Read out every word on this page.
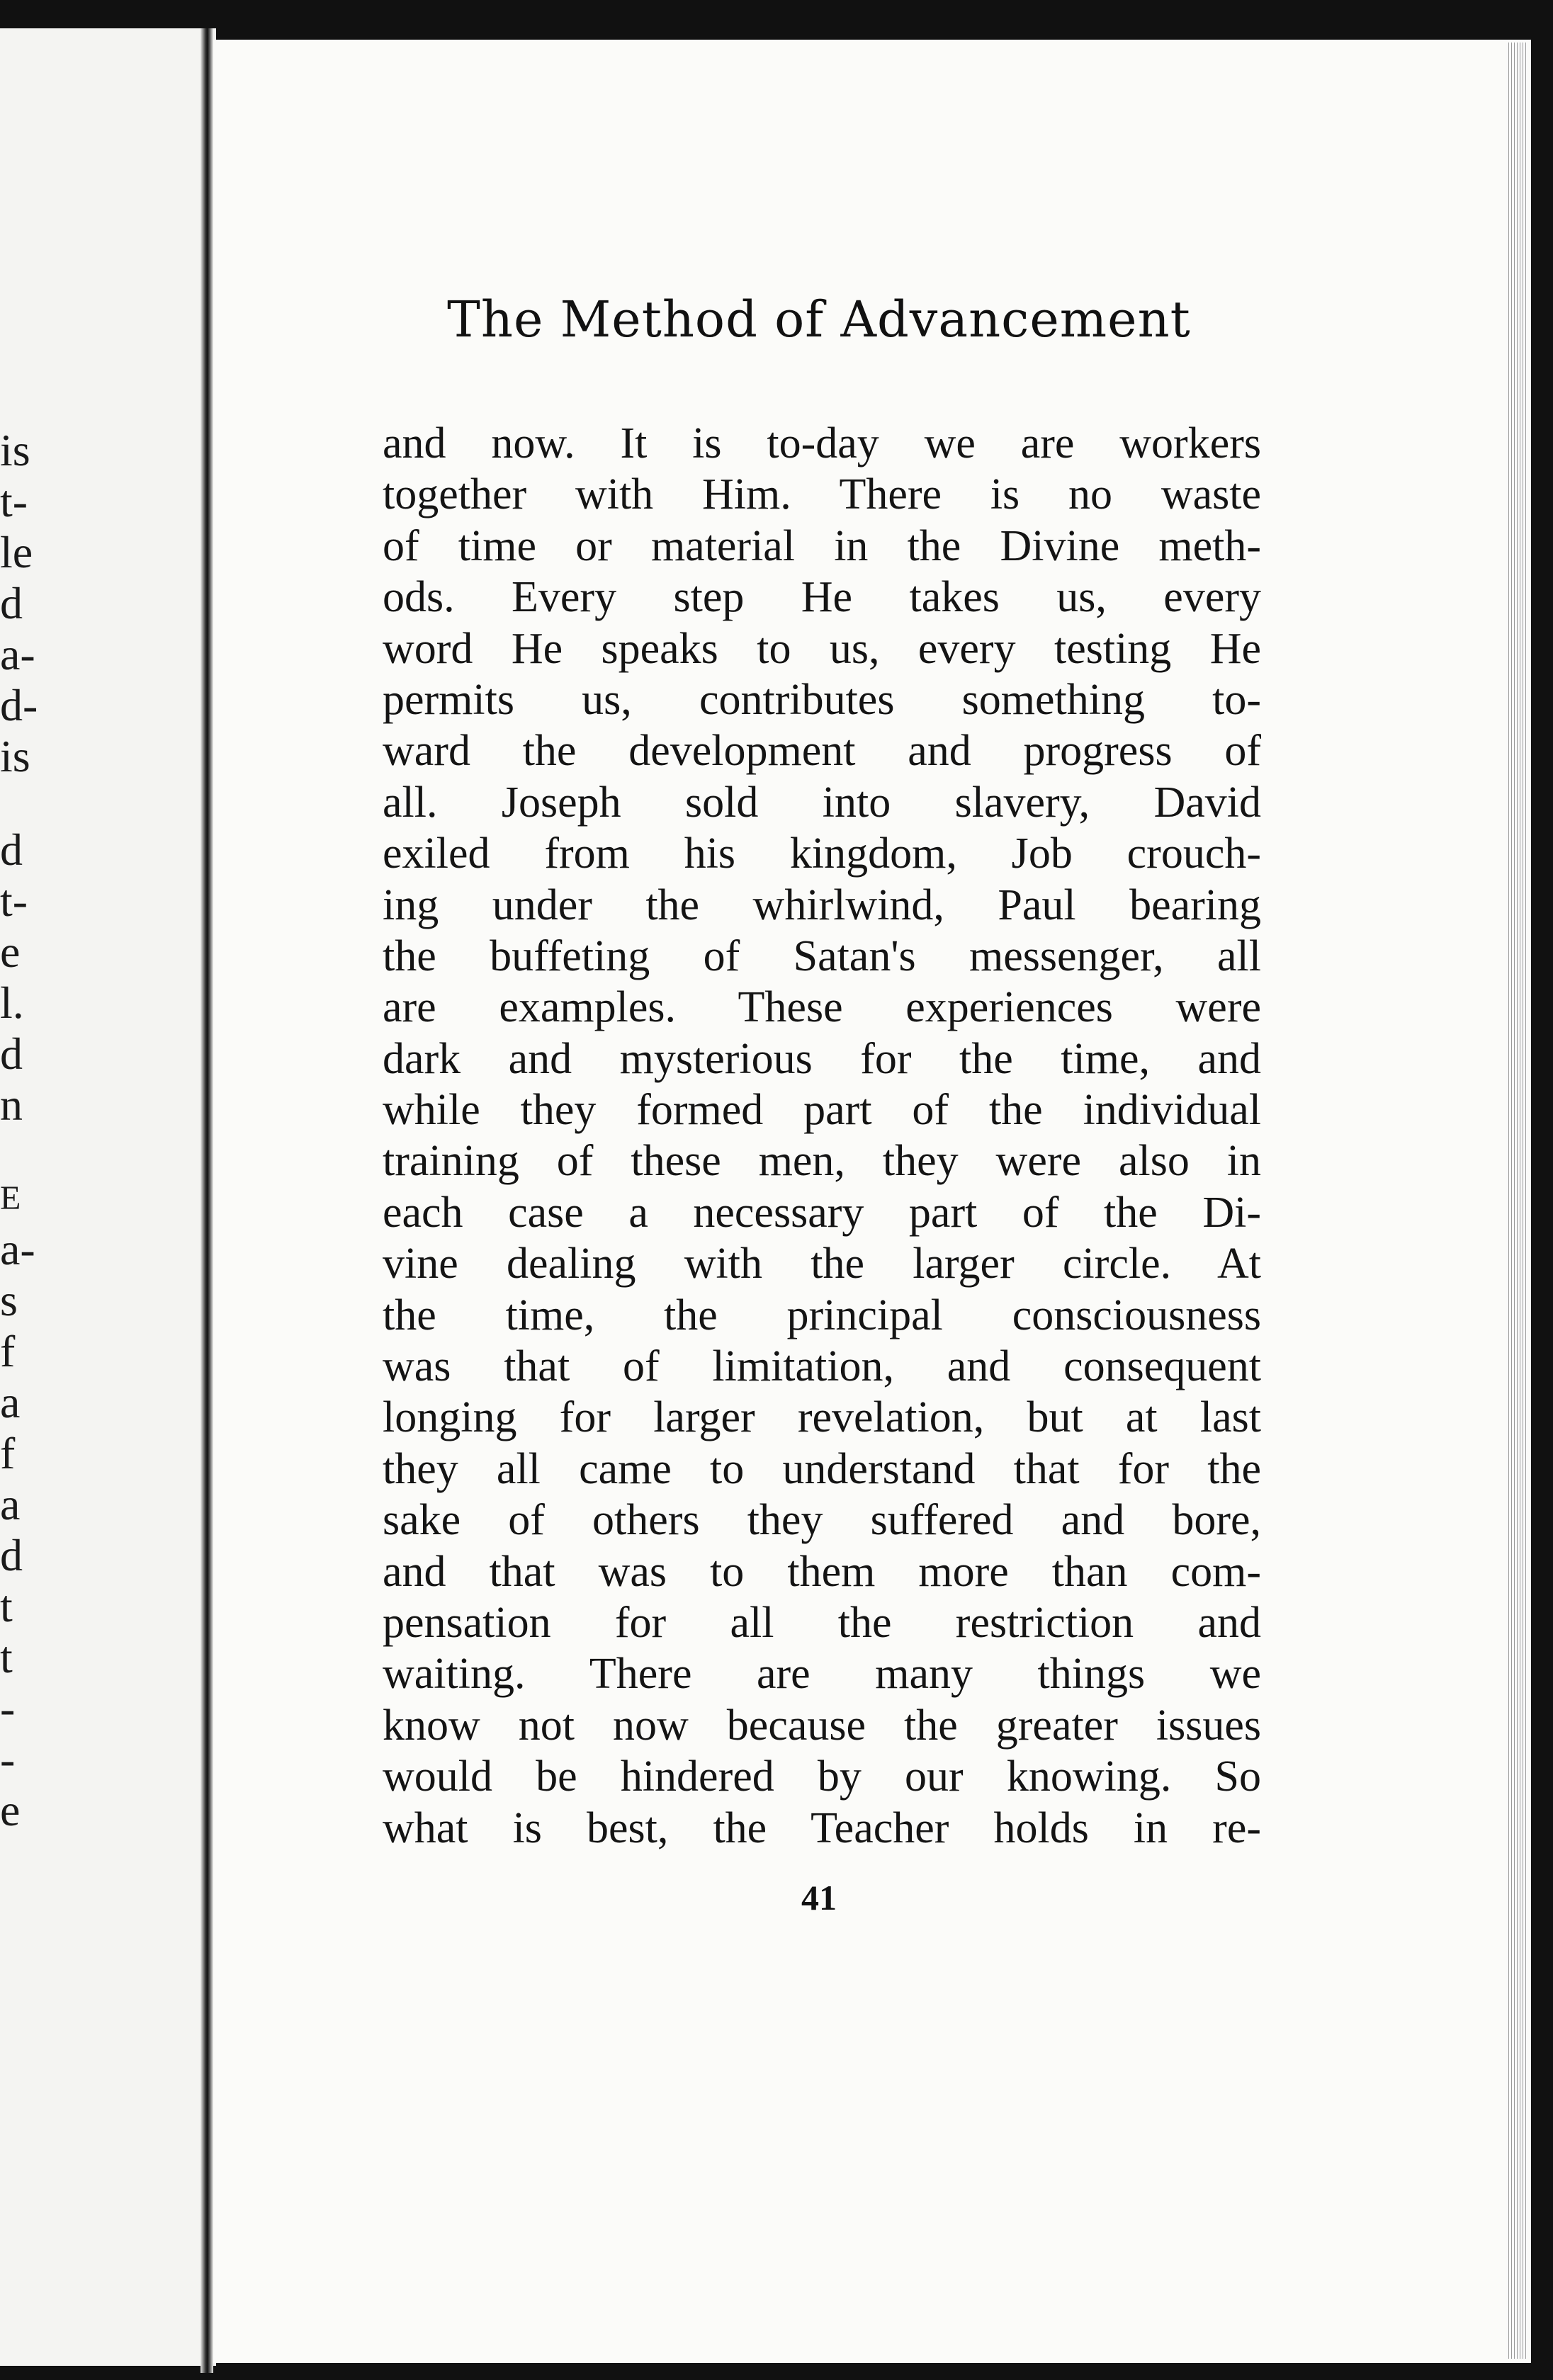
is
t-
le
d
a-
d-
is
d
t-
e
l.
d
n
E
a-
s
f
a
f
a
d
t
t
-
-
e
The Method of Advancement
and now. It is to-day we are workers
together with Him. There is no waste
of time or material in the Divine meth-
ods. Every step He takes us, every
word He speaks to us, every testing He
permits us, contributes something to-
ward the development and progress of
all. Joseph sold into slavery, David
exiled from his kingdom, Job crouch-
ing under the whirlwind, Paul bearing
the buffeting of Satan's messenger, all
are examples. These experiences were
dark and mysterious for the time, and
while they formed part of the individual
training of these men, they were also in
each case a necessary part of the Di-
vine dealing with the larger circle. At
the time, the principal consciousness
was that of limitation, and consequent
longing for larger revelation, but at last
they all came to understand that for the
sake of others they suffered and bore,
and that was to them more than com-
pensation for all the restriction and
waiting. There are many things we
know not now because the greater issues
would be hindered by our knowing. So
what is best, the Teacher holds in re-
41
